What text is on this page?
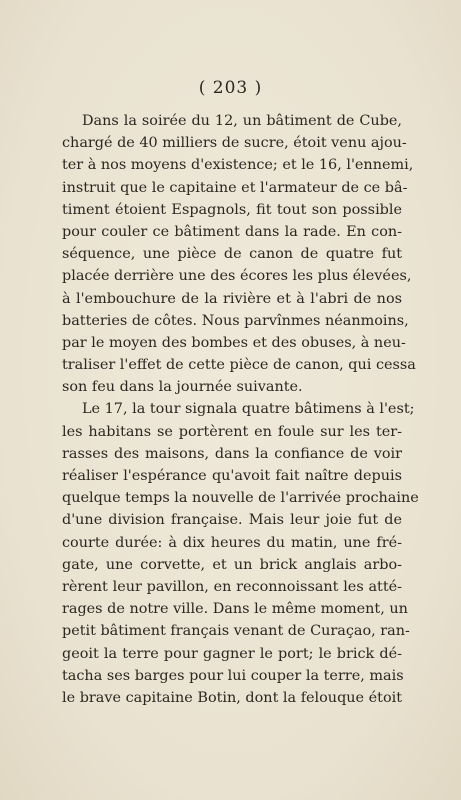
( 203 )
Dans la soirée du 12, un bâtiment de Cube,
chargé de 40 milliers de sucre, étoit venu ajou-
ter à nos moyens d'existence; et le 16, l'ennemi,
instruit que le capitaine et l'armateur de ce bâ-
timent étoient Espagnols, fit tout son possible
pour couler ce bâtiment dans la rade. En con-
séquence, une pièce de canon de quatre fut
placée derrière une des écores les plus élevées,
à l'embouchure de la rivière et à l'abri de nos
batteries de côtes. Nous parvînmes néanmoins,
par le moyen des bombes et des obuses, à neu-
traliser l'effet de cette pièce de canon, qui cessa
son feu dans la journée suivante.
Le 17, la tour signala quatre bâtimens à l'est;
les habitans se portèrent en foule sur les ter-
rasses des maisons, dans la confiance de voir
réaliser l'espérance qu'avoit fait naître depuis
quelque temps la nouvelle de l'arrivée prochaine
d'une division française. Mais leur joie fut de
courte durée: à dix heures du matin, une fré-
gate, une corvette, et un brick anglais arbo-
rèrent leur pavillon, en reconnoissant les atté-
rages de notre ville. Dans le même moment, un
petit bâtiment français venant de Curaçao, ran-
geoit la terre pour gagner le port; le brick dé-
tacha ses barges pour lui couper la terre, mais
le brave capitaine Botin, dont la felouque étoit
